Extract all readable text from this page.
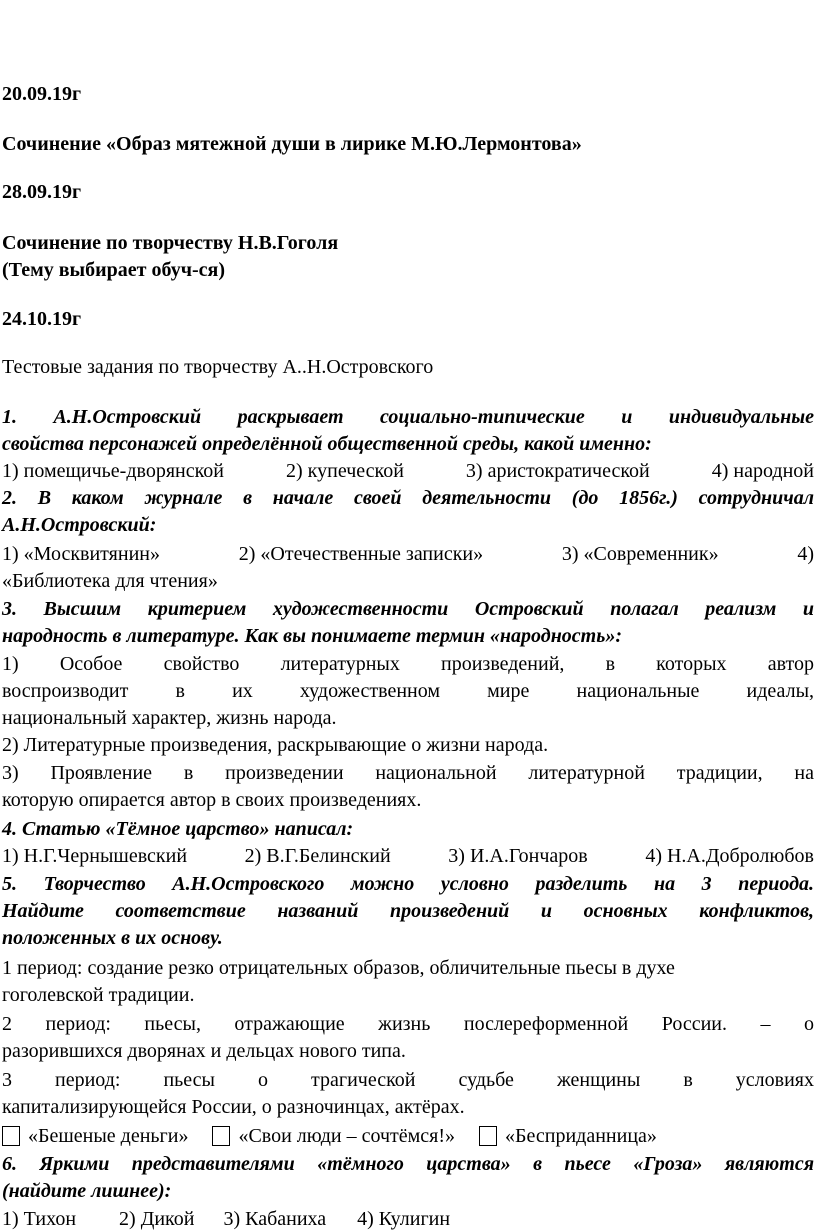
20.09.19г
Сочинение «Образ мятежной души в лирике М.Ю.Лермонтова»
28.09.19г
Сочинение по творчеству Н.В.Гоголя
(Тему выбирает обуч-ся)
24.10.19г
Тестовые задания по творчеству А..Н.Островского
1. А.Н.Островский раскрывает социально-типические и индивидуальные
свойства персонажей определённой общественной среды, какой именно:
1) помещичье-дворянской	2) купеческой	3) аристократической	4) народной
2. В каком журнале в начале своей деятельности (до 1856г.) сотрудничал
А.Н.Островский:
1) «Москвитянин»	2) «Отечественные записки»	3) «Современник»	4)
«Библиотека для чтения»
3. Высшим критерием художественности Островский полагал реализм и
народность в литературе. Как вы понимаете термин «народность»:
1) Особое свойство литературных произведений, в которых автор
воспроизводит в их художественном мире национальные идеалы,
национальный характер, жизнь народа.
2) Литературные произведения, раскрывающие о жизни народа.
3) Проявление в произведении национальной литературной традиции, на
которую опирается автор в своих произведениях.
4. Статью «Тёмное царство» написал:
1) Н.Г.Чернышевский	2) В.Г.Белинский	3) И.А.Гончаров	4) Н.А.Добролюбов
5. Творчество А.Н.Островского можно условно разделить на 3 периода.
Найдите соответствие названий произведений и основных конфликтов,
положенных в их основу.
1 период: создание резко отрицательных образов, обличительные пьесы в духе
гоголевской традиции.
2 период: пьесы, отражающие жизнь послереформенной России. – о
разорившихся дворянах и дельцах нового типа.
3 период: пьесы о трагической судьбе женщины в условиях
капитализирующейся России, о разночинцах, актёрах.
«Бешеные деньги»	«Свои люди – сочтёмся!»	«Бесприданница»
6. Яркими представителями «тёмного царства» в пьесе «Гроза» являются
(найдите лишнее):
1) Тихон 2) Дикой 3) Кабаниха 4) Кулигин
